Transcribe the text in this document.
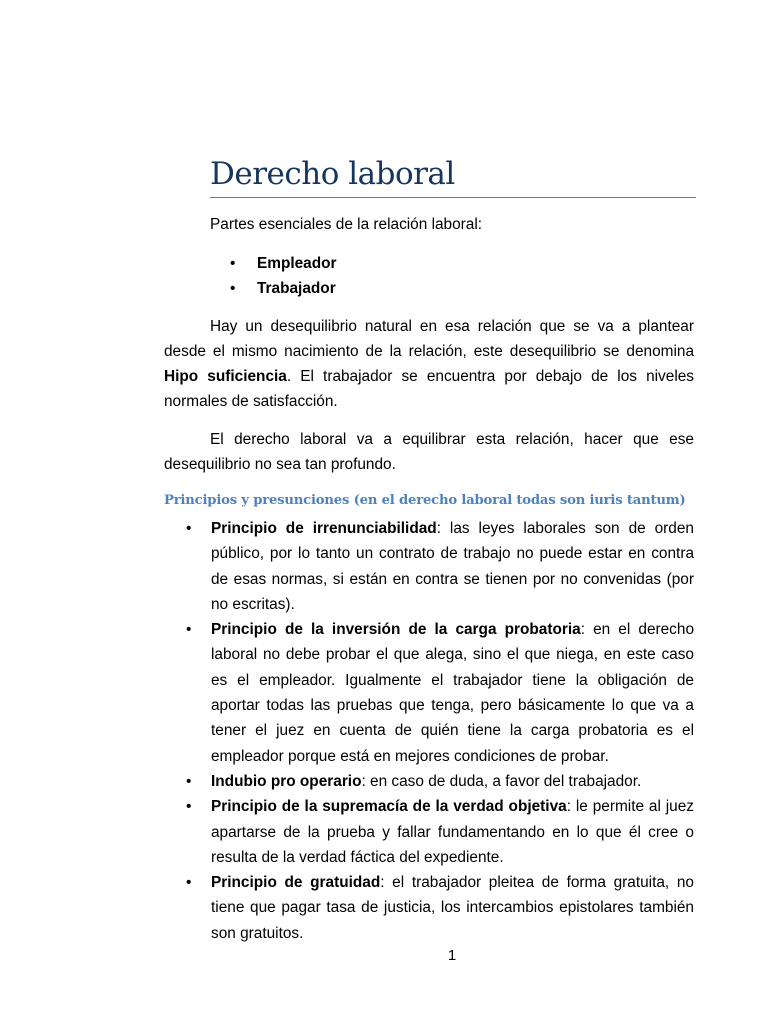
Derecho laboral

Partes esenciales de la relación laboral:

• Empleador
• Trabajador

Hay un desequilibrio natural en esa relación que se va a plantear desde el mismo nacimiento de la relación, este desequilibrio se denomina Hipo suficiencia. El trabajador se encuentra por debajo de los niveles normales de satisfacción.

El derecho laboral va a equilibrar esta relación, hacer que ese desequilibrio no sea tan profundo.

Principios y presunciones (en el derecho laboral todas son iuris tantum)
• Principio de irrenunciabilidad: las leyes laborales son de orden público, por lo tanto un contrato de trabajo no puede estar en contra de esas normas, si están en contra se tienen por no convenidas (por no escritas).
• Principio de la inversión de la carga probatoria: en el derecho laboral no debe probar el que alega, sino el que niega, en este caso es el empleador. Igualmente el trabajador tiene la obligación de aportar todas las pruebas que tenga, pero básicamente lo que va a tener el juez en cuenta de quién tiene la carga probatoria es el empleador porque está en mejores condiciones de probar.
• Indubio pro operario: en caso de duda, a favor del trabajador.
• Principio de la supremacía de la verdad objetiva: le permite al juez apartarse de la prueba y fallar fundamentando en lo que él cree o resulta de la verdad fáctica del expediente.
• Principio de gratuidad: el trabajador pleitea de forma gratuita, no tiene que pagar tasa de justicia, los intercambios epistolares también son gratuitos.
1
